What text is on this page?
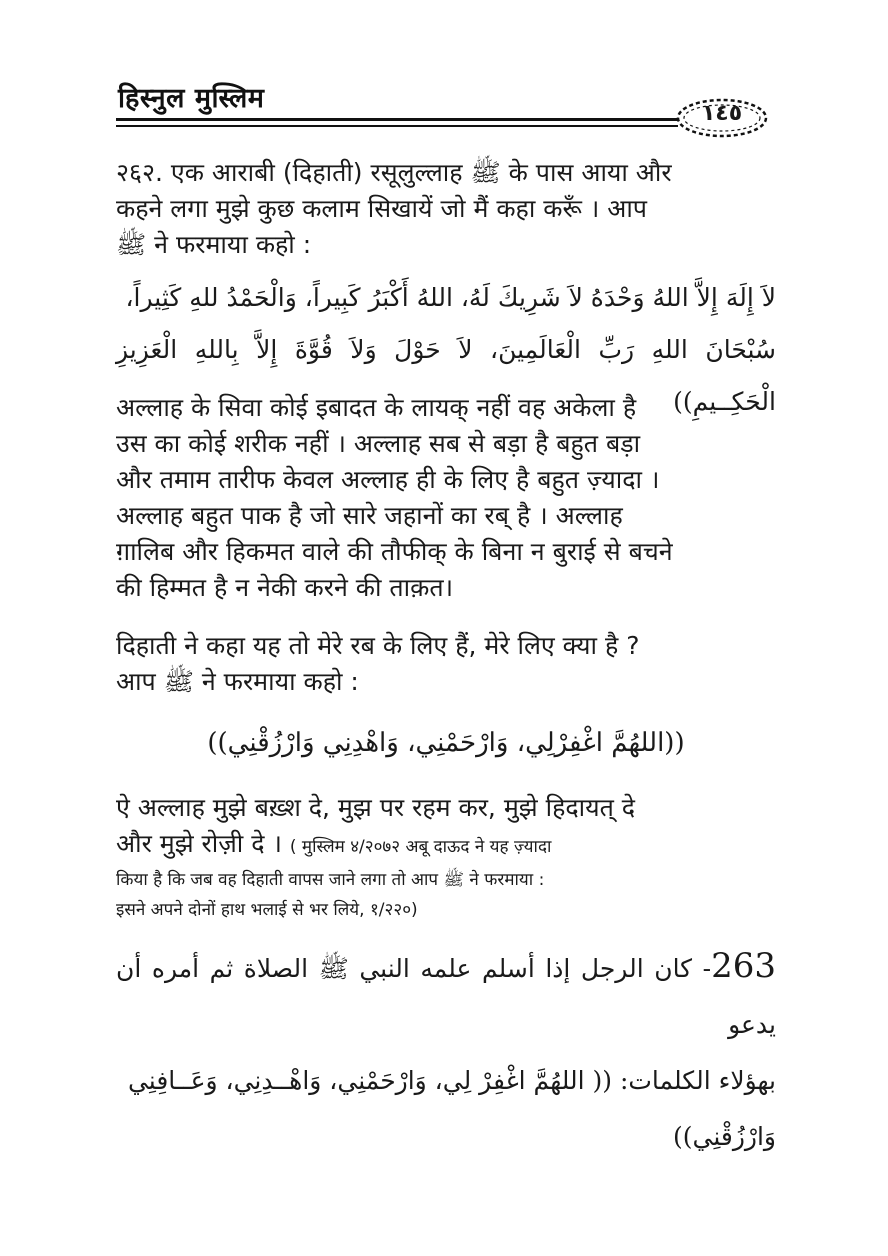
हिस्नुल मुस्लिम	١٤٥

२६२. एक आराबी (दिहाती) रसूलुल्लाह ﷺ के पास आया और

कहने लगा मुझे कुछ कलाम सिखायें जो मैं कहा करूँ । आप

ﷺ ने फरमाया कहो :

لاَ إِلَهَ إِلاَّ اللهُ وَحْدَهُ لاَ شَرِيكَ لَهُ، اللهُ أَكْبَرُ كَبِيراً، وَالْحَمْدُ للهِ كَثِيراً،

سُبْحَانَ اللهِ رَبِّ الْعَالَمِينَ، لاَ حَوْلَ وَلاَ قُوَّةَ إِلاَّ بِاللهِ الْعَزِيزِ الْحَكِــيمِ))

अल्लाह के सिवा कोई इबादत के लायक् नहीं वह अकेला है

उस का कोई शरीक नहीं । अल्लाह सब से बड़ा है बहुत बड़ा

और तमाम तारीफ केवल अल्लाह ही के लिए है बहुत ज़्यादा ।

अल्लाह बहुत पाक है जो सारे जहानों का रब् है । अल्लाह

ग़ालिब और हिकमत वाले की तौफीक् के बिना न बुराई से बचने

की हिम्मत है न नेकी करने की ताक़त।

दिहाती ने कहा यह तो मेरे रब के लिए हैं, मेरे लिए क्या है ?

आप ﷺ ने फरमाया कहो :

((اللهُمَّ اغْفِرْلِي، وَارْحَمْنِي، وَاهْدِنِي وَارْزُقْنِي))

ऐ अल्लाह मुझे बख़्श दे, मुझ पर रहम कर, मुझे हिदायत् दे

और मुझे रोज़ी दे । ( मुस्लिम ४/२०७२ अबू दाऊद ने यह ज़्यादा

किया है कि जब वह दिहाती वापस जाने लगा तो आप ﷺ ने फरमाया :

इसने अपने दोनों हाथ भलाई से भर लिये, १/२२०)

263- كان الرجل إذا أسلم علمه النبي ﷺ الصلاة ثم أمره أن يدعو

بهؤلاء الكلمات: (( اللهُمَّ اغْفِرْ لِي، وَارْحَمْنِي، وَاهْــدِنِي، وَعَــافِنِي

وَارْزُقْنِي))
